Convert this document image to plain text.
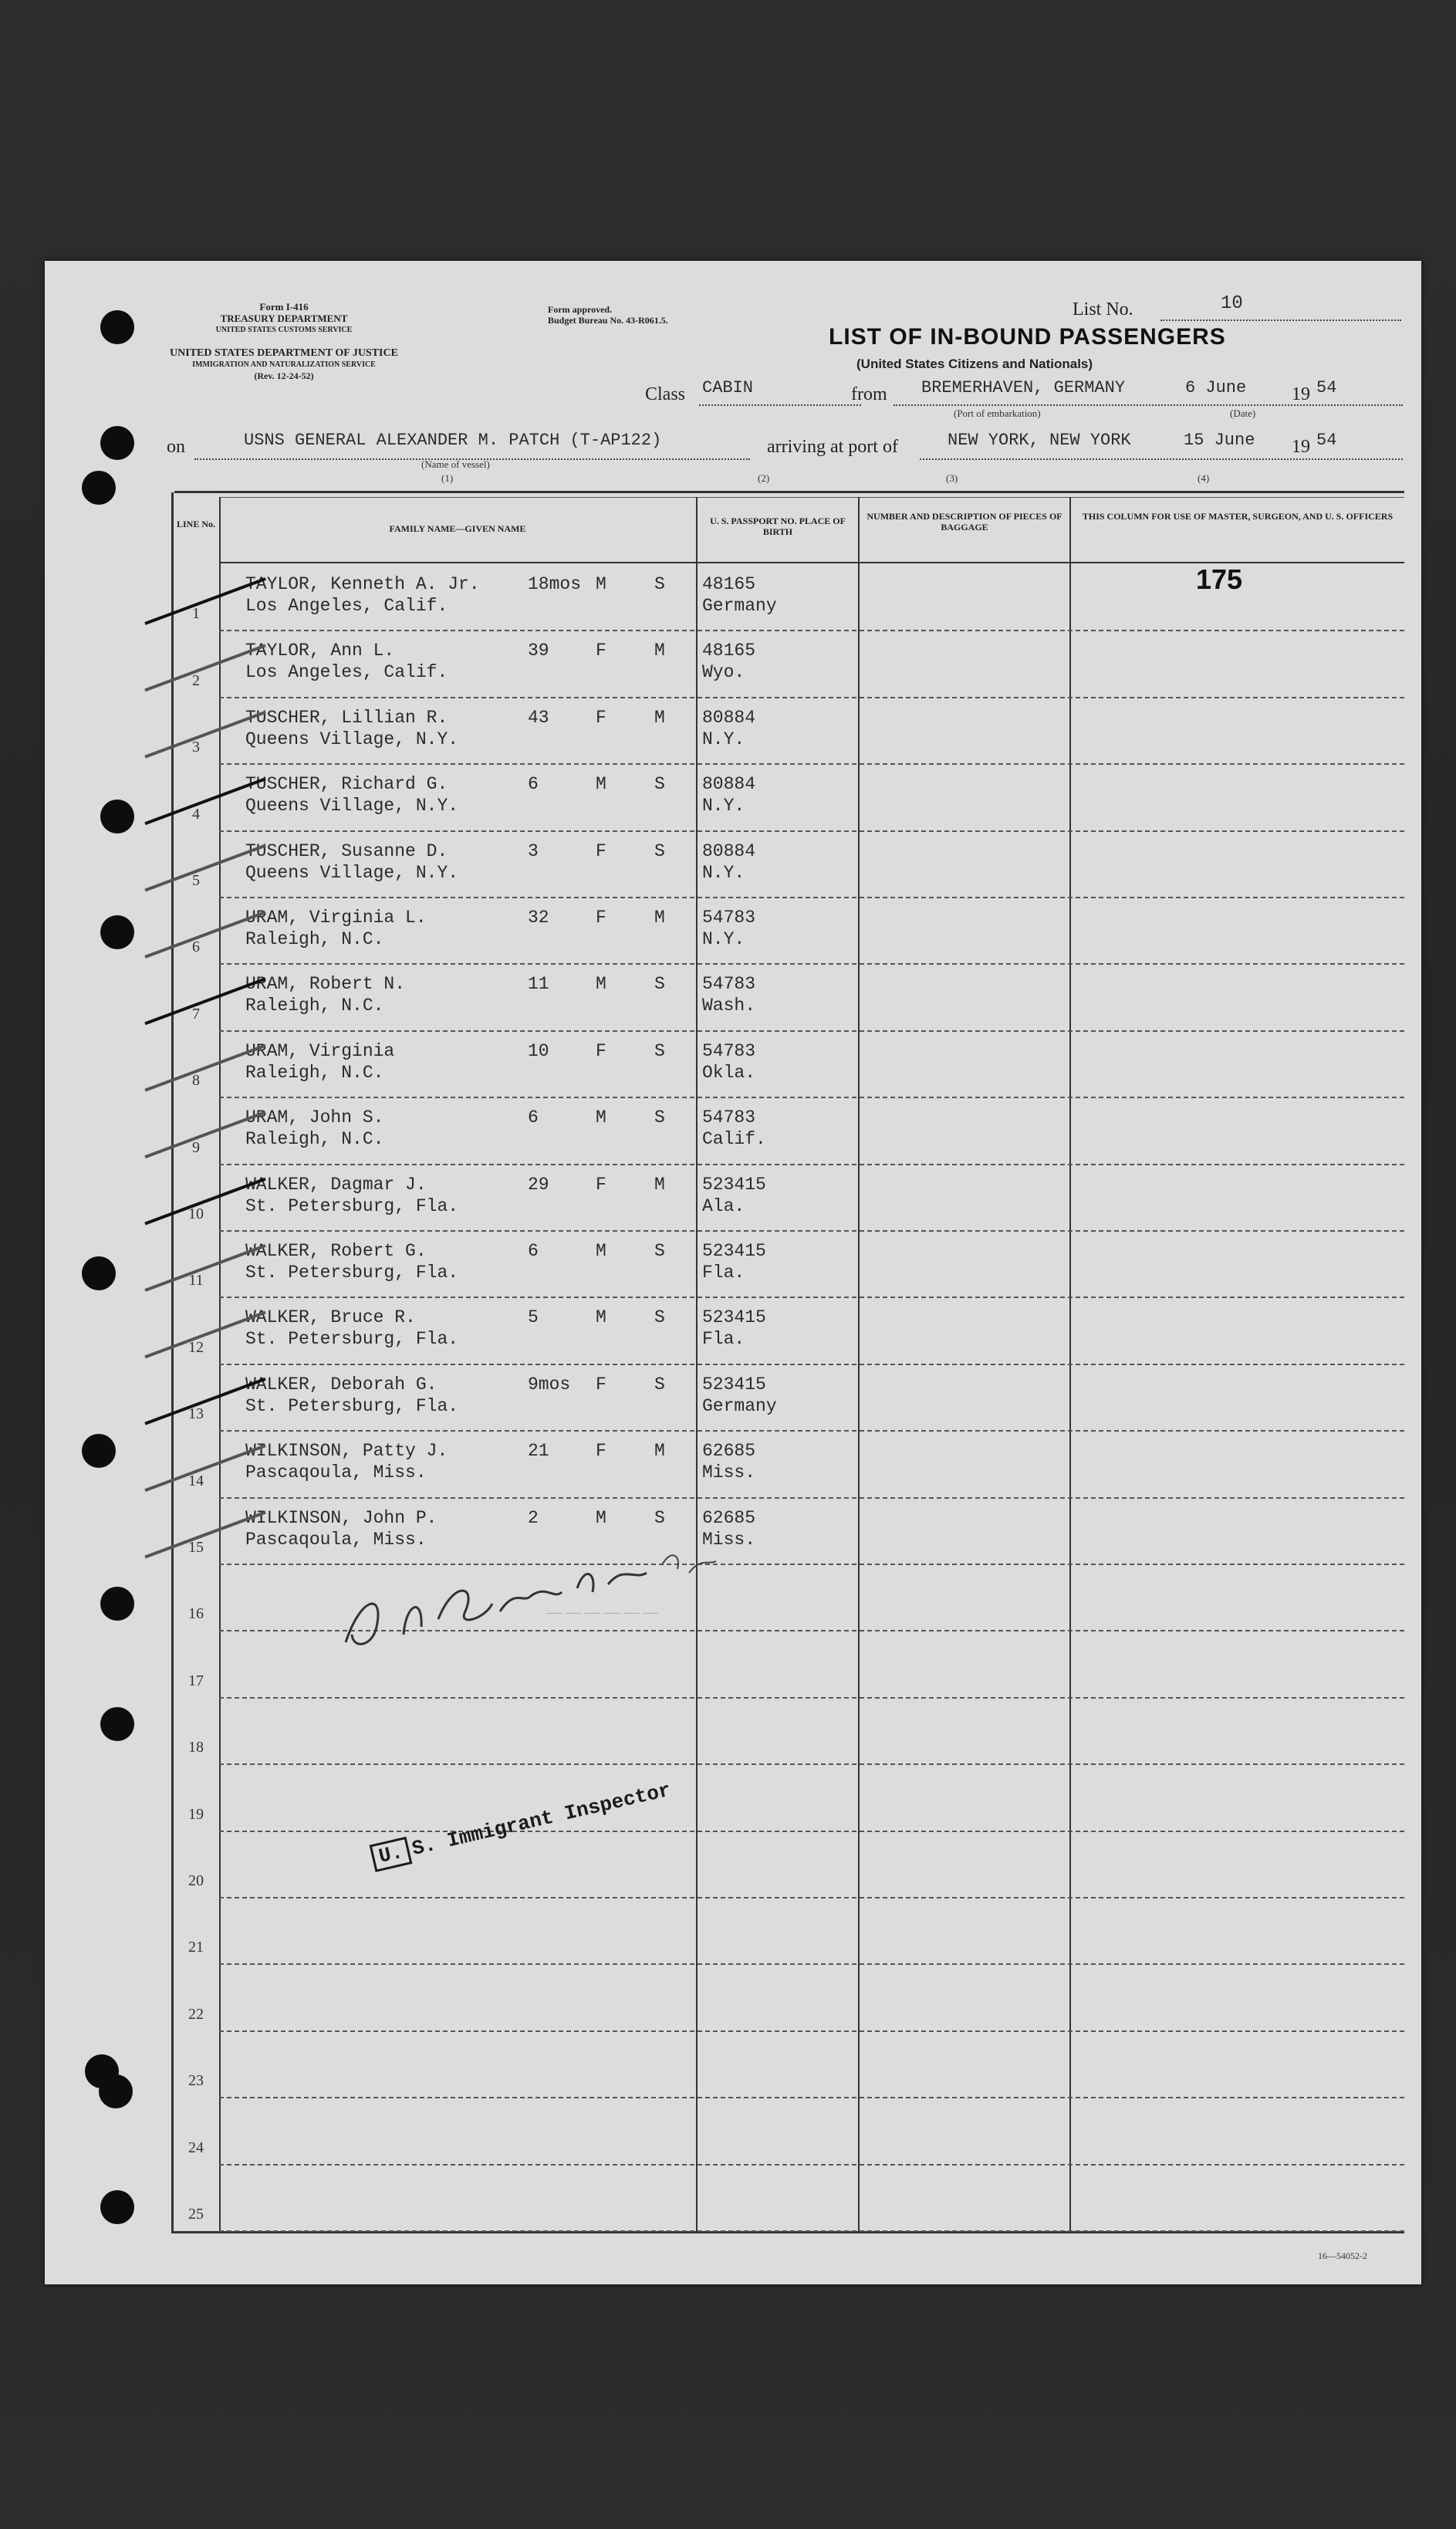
Form I-416
TREASURY DEPARTMENT
UNITED STATES CUSTOMS SERVICE
UNITED STATES DEPARTMENT OF JUSTICE
IMMIGRATION AND NATURALIZATION SERVICE
(Rev. 12-24-52)
Form approved.
Budget Bureau No. 43-R061.5.
List No.	10
LIST OF IN-BOUND PASSENGERS
(United States Citizens and Nationals)
Class CABIN	from BREMERHAVEN, GERMANY	6 June 19 54
(Port of embarkation)	(Date)
on	USNS GENERAL ALEXANDER M. PATCH (T-AP122)	arriving at port of	NEW YORK, NEW YORK	15 June 19 54
(Name of vessel)
(1)	(2)	(3)	(4)
LINE No.	FAMILY NAME—GIVEN NAME
U. S. PASSPORT NO. PLACE OF BIRTH
NUMBER AND DESCRIPTION OF PIECES OF BAGGAGE
THIS COLUMN FOR USE OF MASTER, SURGEON, AND U. S. OFFICERS
175
1
TAYLOR, Kenneth A. Jr.
Los Angeles, Calif.
18mos M	S 48165
Germany
2
TAYLOR, Ann L.
Los Angeles, Calif.
39	F	M 48165
Wyo.
3
TUSCHER, Lillian R.
Queens Village, N.Y.
43	F	M 80884
N.Y.
4
TUSCHER, Richard G.
Queens Village, N.Y.
6	M	S 80884
N.Y.
5
TUSCHER, Susanne D.
Queens Village, N.Y.
3	F	S 80884
N.Y.
6
URAM, Virginia L.
Raleigh, N.C.
32	F	M 54783
N.Y.
7
URAM, Robert N.
Raleigh, N.C.
11	M	S 54783
Wash.
8
URAM, Virginia
Raleigh, N.C.
10	F	S 54783
Okla.
9
URAM, John S.
Raleigh, N.C.
6	M	S 54783
Calif.
10
WALKER, Dagmar J.
St. Petersburg, Fla.
29	F	M 523415
Ala.
11
WALKER, Robert G.
St. Petersburg, Fla.
6	M	S 523415
Fla.
12
WALKER, Bruce R.
St. Petersburg, Fla.
5	M	S 523415
Fla.
13
WALKER, Deborah G.
St. Petersburg, Fla.
9mos F	S 523415
Germany
14
WILKINSON, Patty J.
Pascaqoula, Miss.
21	F	M 62685
Miss.
15
WILKINSON, John P.
Pascaqoula, Miss.
2	M	S 62685
Miss.
16
17
18
19
20
21
22
23
24
25
— — — — — —
U. S. Immigrant Inspector
16—54052-2
